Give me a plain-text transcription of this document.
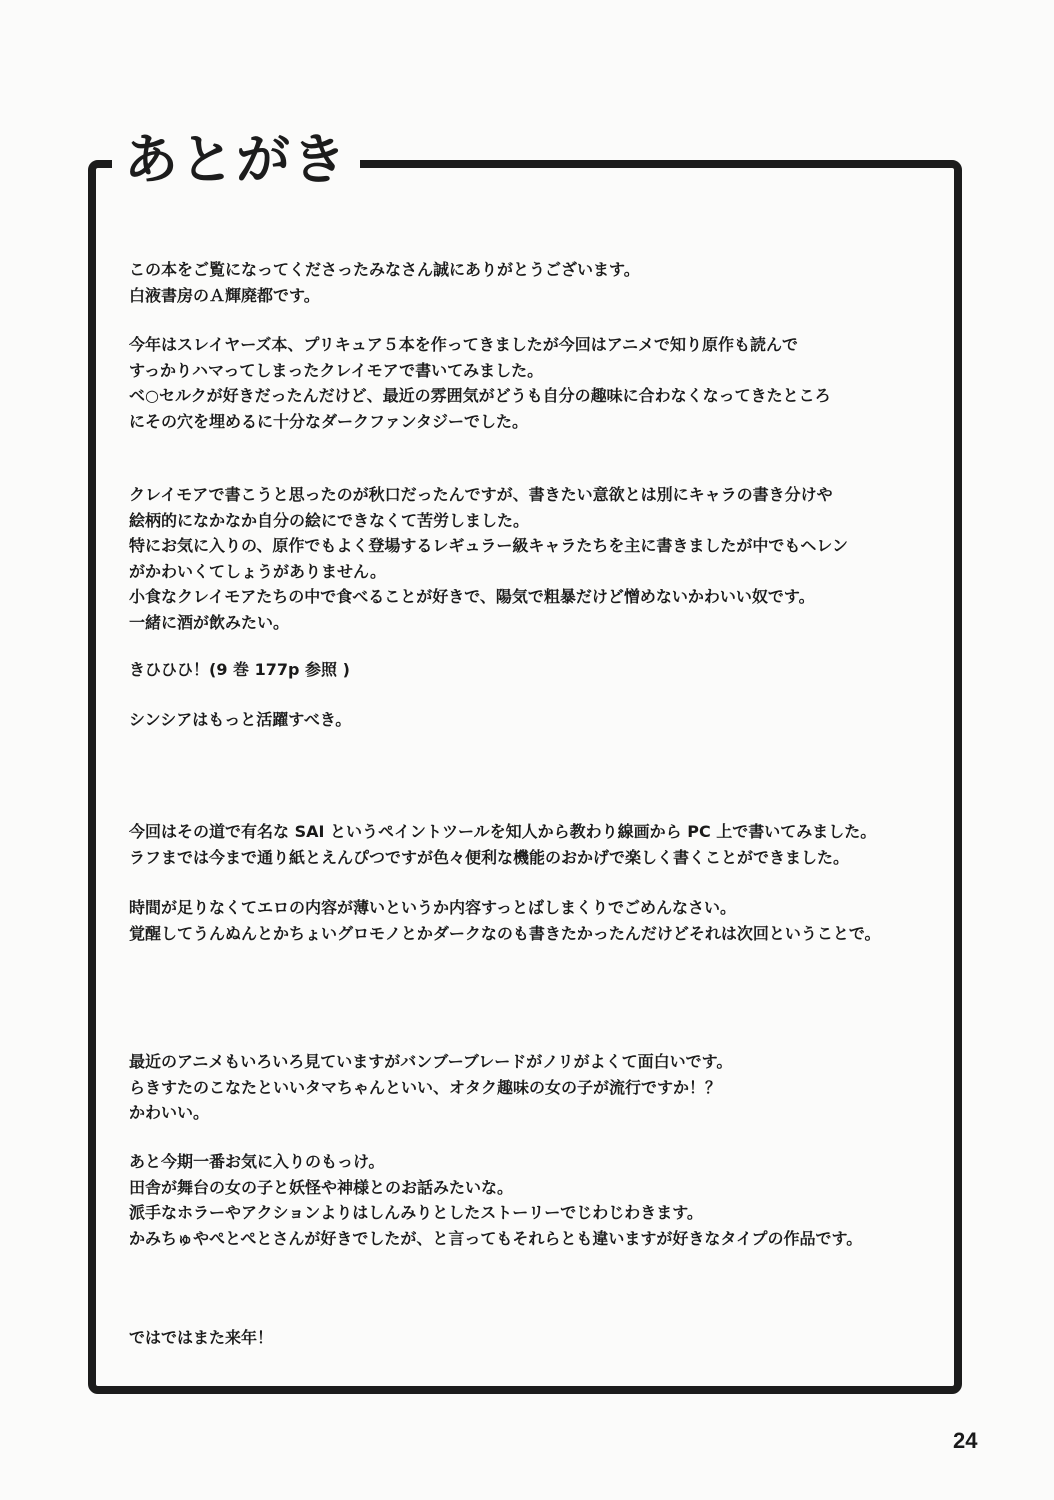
あとがき
この本をご覧になってくださったみなさん誠にありがとうございます。
白液書房のＡ輝廃都です。
今年はスレイヤーズ本、プリキュア５本を作ってきましたが今回はアニメで知り原作も読んで
すっかりハマってしまったクレイモアで書いてみました。
ベ○セルクが好きだったんだけど、最近の雰囲気がどうも自分の趣味に合わなくなってきたところ
にその穴を埋めるに十分なダークファンタジーでした。
クレイモアで書こうと思ったのが秋口だったんですが、書きたい意欲とは別にキャラの書き分けや
絵柄的になかなか自分の絵にできなくて苦労しました。
特にお気に入りの、原作でもよく登場するレギュラー級キャラたちを主に書きましたが中でもヘレン
がかわいくてしょうがありません。
小食なクレイモアたちの中で食べることが好きで、陽気で粗暴だけど憎めないかわいい奴です。
一緒に酒が飲みたい。
きひひひ！(9 巻 177p 参照 )
シンシアはもっと活躍すべき。
今回はその道で有名な SAI というペイントツールを知人から教わり線画から PC 上で書いてみました。
ラフまでは今まで通り紙とえんぴつですが色々便利な機能のおかげで楽しく書くことができました。
時間が足りなくてエロの内容が薄いというか内容すっとばしまくりでごめんなさい。
覚醒してうんぬんとかちょいグロモノとかダークなのも書きたかったんだけどそれは次回ということで。
最近のアニメもいろいろ見ていますがバンブーブレードがノリがよくて面白いです。
らきすたのこなたといいタマちゃんといい、オタク趣味の女の子が流行ですか！？
かわいい。
あと今期一番お気に入りのもっけ。
田舎が舞台の女の子と妖怪や神様とのお話みたいな。
派手なホラーやアクションよりはしんみりとしたストーリーでじわじわきます。
かみちゅやぺとぺとさんが好きでしたが、と言ってもそれらとも違いますが好きなタイプの作品です。
ではではまた来年！
24
